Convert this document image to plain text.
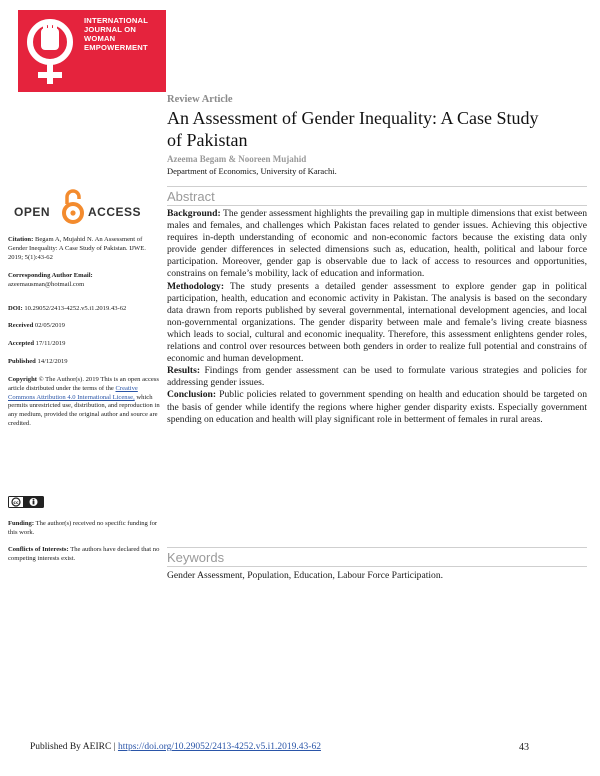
INTERNATIONAL
JOURNAL ON
WOMAN
EMPOWERMENT
Review Article
An Assessment of Gender Inequality: A Case Study of Pakistan
Azeema Begam & Nooreen Mujahid
Department of Economics, University of Karachi.
Abstract

Background: The gender assessment highlights the prevailing gap in multiple dimensions that exist between males and females, and challenges which Pakistan faces related to gender issues. Achieving this objective requires in-depth understanding of economic and non-economic factors because the existing data only provide gender differences in selected dimensions such as, education, health, political and labour force participation. Moreover, gender gap is observable due to lack of access to resources and opportunities, constrains on female’s mobility, lack of education and information.

Methodology: The study presents a detailed gender assessment to explore gender gap in political participation, health, education and economic activity in Pakistan. The analysis is based on the secondary data drawn from reports published by several governmental, international development agencies, and local non-governmental organizations. The gender disparity between male and female’s living create biasness which leads to social, cultural and economic inequality. Therefore, this assessment enlightens gender roles, relations and control over resources between both genders in order to realize full potential and constrains of economic and human development.

Results: Findings from gender assessment can be used to formulate various strategies and policies for addressing gender issues.

Conclusion: Public policies related to government spending on health and education should be targeted on the basis of gender while identify the regions where higher gender disparity exists. Especially government spending on education and health will play significant role in betterment of females in rural areas.

Keywords
Gender Assessment, Population, Education, Labour Force Participation.
OPEN	ACCESS
Citation: Begam A, Mujahid N. An Assessment of Gender Inequality: A Case Study of Pakistan. IJWE. 2019; 5(1):43-62
Corresponding Author Email:
azeemausman@hotmail.com
DOI: 10.29052/2413-4252.v5.i1.2019.43-62
Received 02/05/2019
Accepted 17/11/2019
Published 14/12/2019
Copyright © The Author(s). 2019 This is an open access article distributed under the terms of the Creative Commons Attribution 4.0 International License, which permits unrestricted use, distribution, and reproduction in any medium, provided the original author and source are credited.
cc
Funding: The author(s) received no specific funding for this work.
Conflicts of Interests: The authors have declared that no competing interests exist.
Published By AEIRC | https://doi.org/10.29052/2413-4252.v5.i1.2019.43-62	43
